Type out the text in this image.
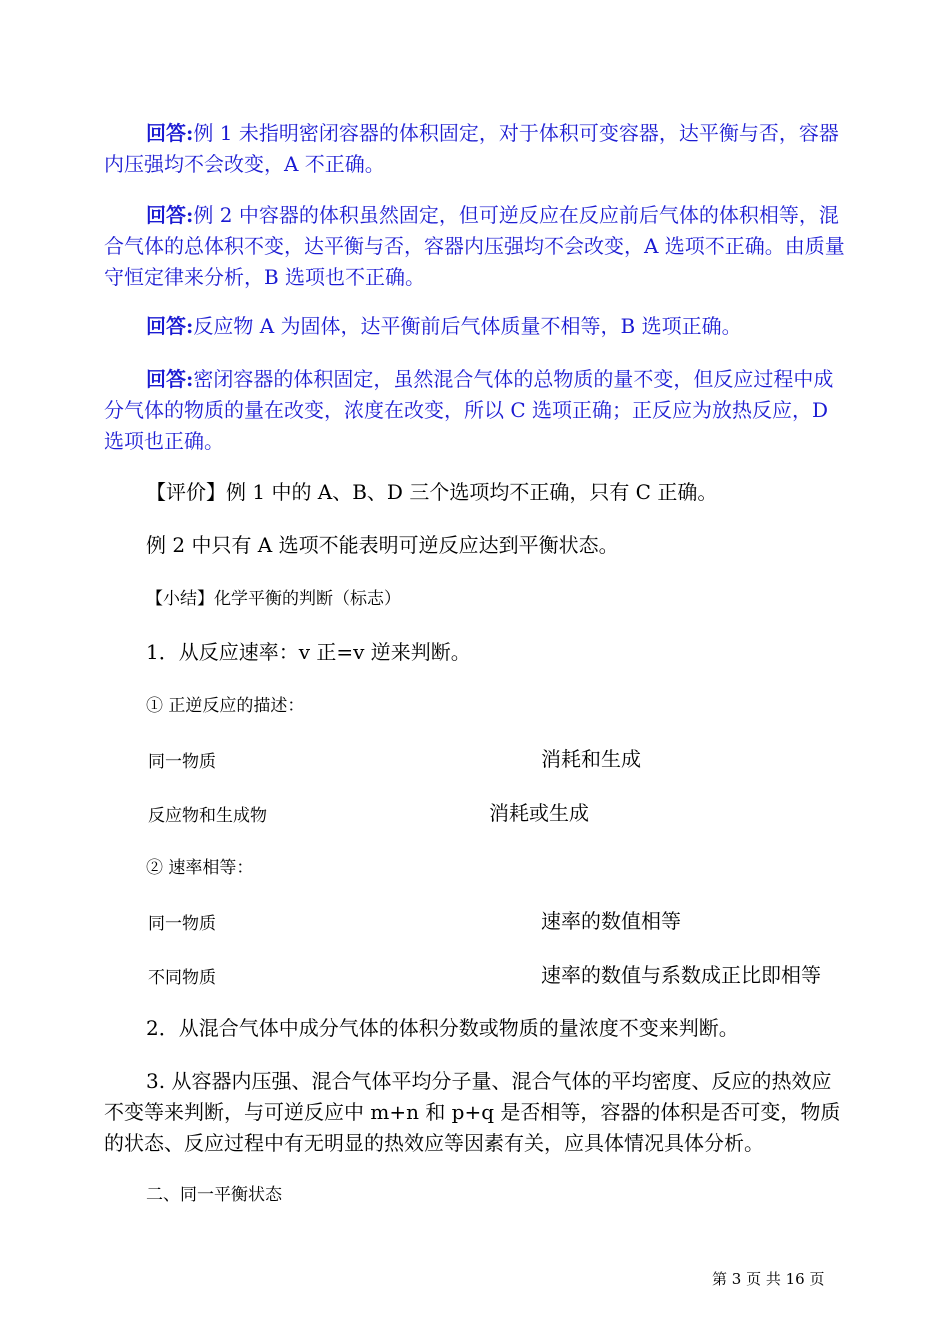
回答:例 1 未指明密闭容器的体积固定，对于体积可变容器，达平衡与否，容器内压强均不会改变，A 不正确。

回答:例 2 中容器的体积虽然固定，但可逆反应在反应前后气体的体积相等，混合气体的总体积不变，达平衡与否，容器内压强均不会改变，A 选项不正确。由质量守恒定律来分析，B 选项也不正确。

回答:反应物 A 为固体，达平衡前后气体质量不相等，B 选项正确。

回答:密闭容器的体积固定，虽然混合气体的总物质的量不变，但反应过程中成分气体的物质的量在改变，浓度在改变，所以 C 选项正确；正反应为放热反应，D 选项也正确。

【评价】例 1 中的 A、B、D 三个选项均不正确，只有 C 正确。

例 2 中只有 A 选项不能表明可逆反应达到平衡状态。

【小结】化学平衡的判断（标志）

1．从反应速率：v 正=v 逆来判断。

① 正逆反应的描述：

同一物质	消耗和生成
反应物和生成物	消耗或生成

② 速率相等：

同一物质	速率的数值相等
不同物质	速率的数值与系数成正比即相等

2．从混合气体中成分气体的体积分数或物质的量浓度不变来判断。

3. 从容器内压强、混合气体平均分子量、混合气体的平均密度、反应的热效应不变等来判断，与可逆反应中 m+n 和 p+q 是否相等，容器的体积是否可变，物质的状态、反应过程中有无明显的热效应等因素有关，应具体情况具体分析。

二、同一平衡状态

第 3 页 共 16 页
